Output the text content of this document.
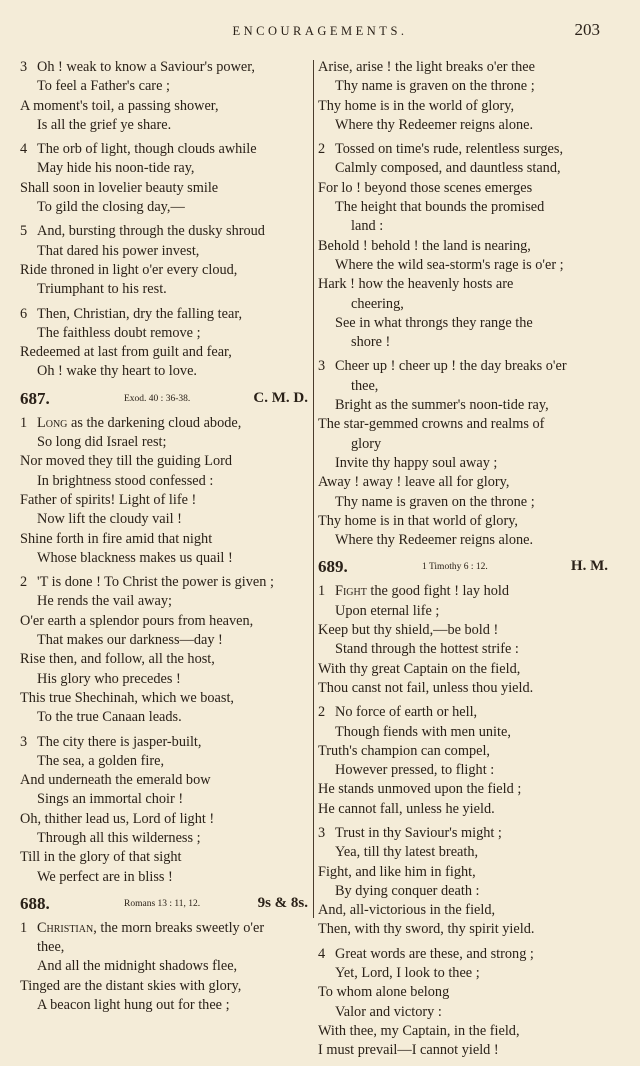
ENCOURAGEMENTS.	203
3 Oh ! weak to know a Saviour's power,
To feel a Father's care ;
A moment's toil, a passing shower,
Is all the grief ye share.
4 The orb of light, though clouds awhile
May hide his noon-tide ray,
Shall soon in lovelier beauty smile
To gild the closing day,—
5 And, bursting through the dusky shroud
That dared his power invest,
Ride throned in light o'er every cloud,
Triumphant to his rest.
6 Then, Christian, dry the falling tear,
The faithless doubt remove ;
Redeemed at last from guilt and fear,
Oh ! wake thy heart to love.
687.	Exod. 40 : 36-38.	C. M. D.
1 Long as the darkening cloud abode,
So long did Israel rest;
Nor moved they till the guiding Lord
In brightness stood confessed :
Father of spirits! Light of life !
Now lift the cloudy vail !
Shine forth in fire amid that night
Whose blackness makes us quail !
2 'T is done ! To Christ the power is given ;
He rends the vail away;
O'er earth a splendor pours from heaven,
That makes our darkness—day !
Rise then, and follow, all the host,
His glory who precedes !
This true Shechinah, which we boast,
To the true Canaan leads.
3 The city there is jasper-built,
The sea, a golden fire,
And underneath the emerald bow
Sings an immortal choir !
Oh, thither lead us, Lord of light !
Through all this wilderness ;
Till in the glory of that sight
We perfect are in bliss !
688.	Romans 13 : 11, 12.	9s & 8s.
1 Christian, the morn breaks sweetly o'er
thee,
And all the midnight shadows flee,
Tinged are the distant skies with glory,
A beacon light hung out for thee ;
Arise, arise ! the light breaks o'er thee
Thy name is graven on the throne ;
Thy home is in the world of glory,
Where thy Redeemer reigns alone.
2 Tossed on time's rude, relentless surges,
Calmly composed, and dauntless stand,
For lo ! beyond those scenes emerges
The height that bounds the promised
land :
Behold ! behold ! the land is nearing,
Where the wild sea-storm's rage is o'er ;
Hark ! how the heavenly hosts are
cheering,
See in what throngs they range the
shore !
3 Cheer up ! cheer up ! the day breaks o'er
thee,
Bright as the summer's noon-tide ray,
The star-gemmed crowns and realms of
glory
Invite thy happy soul away ;
Away ! away ! leave all for glory,
Thy name is graven on the throne ;
Thy home is in that world of glory,
Where thy Redeemer reigns alone.
689.	1 Timothy 6 : 12.	H. M.
1 Fight the good fight ! lay hold
Upon eternal life ;
Keep but thy shield,—be bold !
Stand through the hottest strife :
With thy great Captain on the field,
Thou canst not fail, unless thou yield.
2 No force of earth or hell,
Though fiends with men unite,
Truth's champion can compel,
However pressed, to flight :
He stands unmoved upon the field ;
He cannot fall, unless he yield.
3 Trust in thy Saviour's might ;
Yea, till thy latest breath,
Fight, and like him in fight,
By dying conquer death :
And, all-victorious in the field,
Then, with thy sword, thy spirit yield.
4 Great words are these, and strong ;
Yet, Lord, I look to thee ;
To whom alone belong
Valor and victory :
With thee, my Captain, in the field,
I must prevail—I cannot yield !
